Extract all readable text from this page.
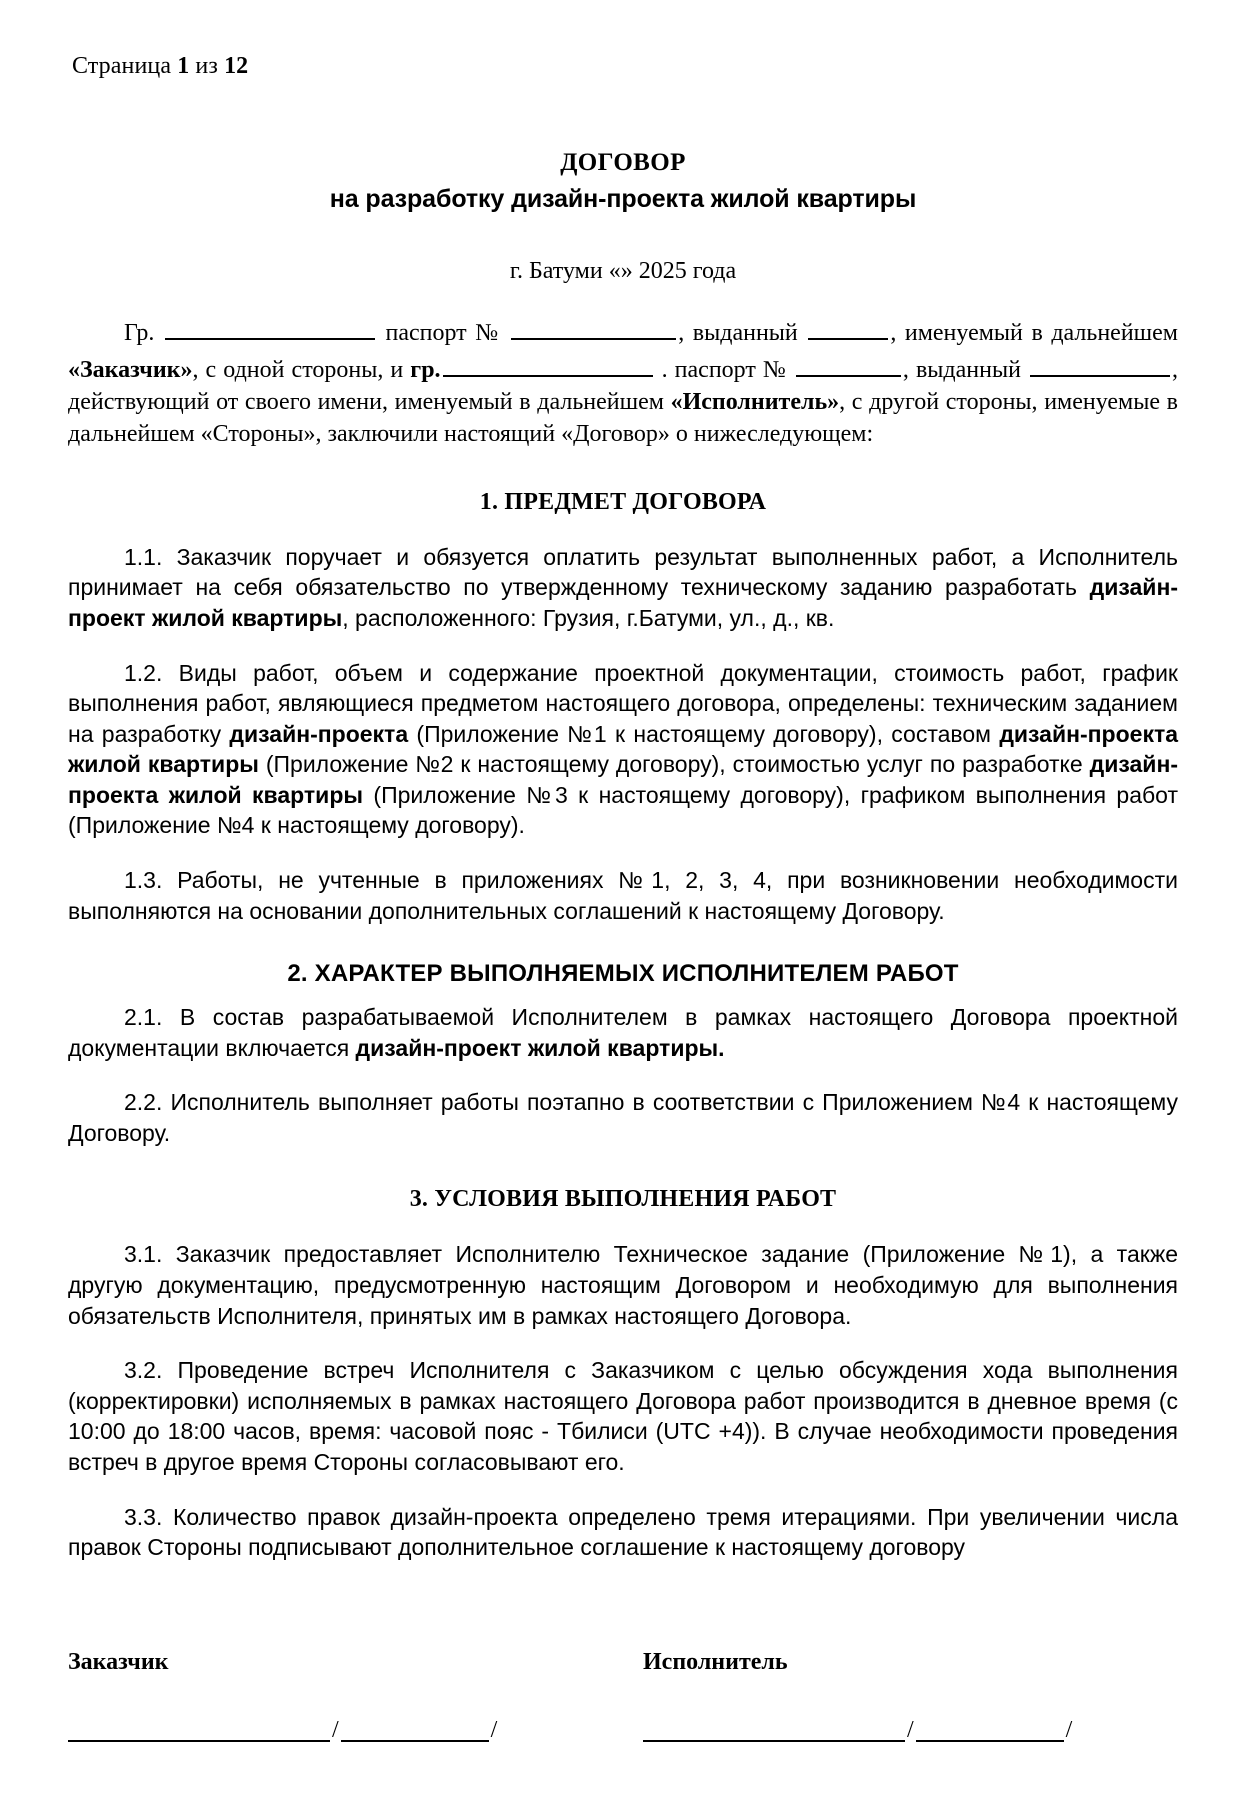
Страница 1 из 12
ДОГОВОР
на разработку дизайн-проекта жилой квартиры
г. Батуми «» 2025 года

Гр.	паспорт №	, выданный	, именуемый в дальнейшем «Заказчик», с одной стороны, и гр.	. паспорт №	, выданный	, действующий от своего имени, именуемый в дальнейшем «Исполнитель», с другой стороны, именуемые в дальнейшем «Стороны», заключили настоящий «Договор» о нижеследующем:

1. ПРЕДМЕТ ДОГОВОРА

1.1. Заказчик поручает и обязуется оплатить результат выполненных работ, а Исполнитель принимает на себя обязательство по утвержденному техническому заданию разработать дизайн-проект жилой квартиры, расположенного: Грузия, г.Батуми, ул., д., кв.

1.2. Виды работ, объем и содержание проектной документации, стоимость работ, график выполнения работ, являющиеся предметом настоящего договора, определены: техническим заданием на разработку дизайн-проекта (Приложение №1 к настоящему договору), составом дизайн-проекта жилой квартиры (Приложение №2 к настоящему договору), стоимостью услуг по разработке дизайн-проекта жилой квартиры (Приложение №3 к настоящему договору), графиком выполнения работ (Приложение №4 к настоящему договору).

1.3. Работы, не учтенные в приложениях №1, 2, 3, 4, при возникновении необходимости выполняются на основании дополнительных соглашений к настоящему Договору.

2. ХАРАКТЕР ВЫПОЛНЯЕМЫХ ИСПОЛНИТЕЛЕМ РАБОТ

2.1. В состав разрабатываемой Исполнителем в рамках настоящего Договора проектной документации включается дизайн-проект жилой квартиры.

2.2. Исполнитель выполняет работы поэтапно в соответствии с Приложением №4 к настоящему Договору.

3. УСЛОВИЯ ВЫПОЛНЕНИЯ РАБОТ

3.1. Заказчик предоставляет Исполнителю Техническое задание (Приложение №1), а также другую документацию, предусмотренную настоящим Договором и необходимую для выполнения обязательств Исполнителя, принятых им в рамках настоящего Договора.

3.2. Проведение встреч Исполнителя с Заказчиком с целью обсуждения хода выполнения (корректировки) исполняемых в рамках настоящего Договора работ производится в дневное время (с 10:00 до 18:00 часов, время: часовой пояс - Тбилиси (UTC +4)). В случае необходимости проведения встреч в другое время Стороны согласовывают его.

3.3. Количество правок дизайн-проекта определено тремя итерациями. При увеличении числа правок Стороны подписывают дополнительное соглашение к настоящему договору

Заказчик	Исполнитель
/	/	/	/
